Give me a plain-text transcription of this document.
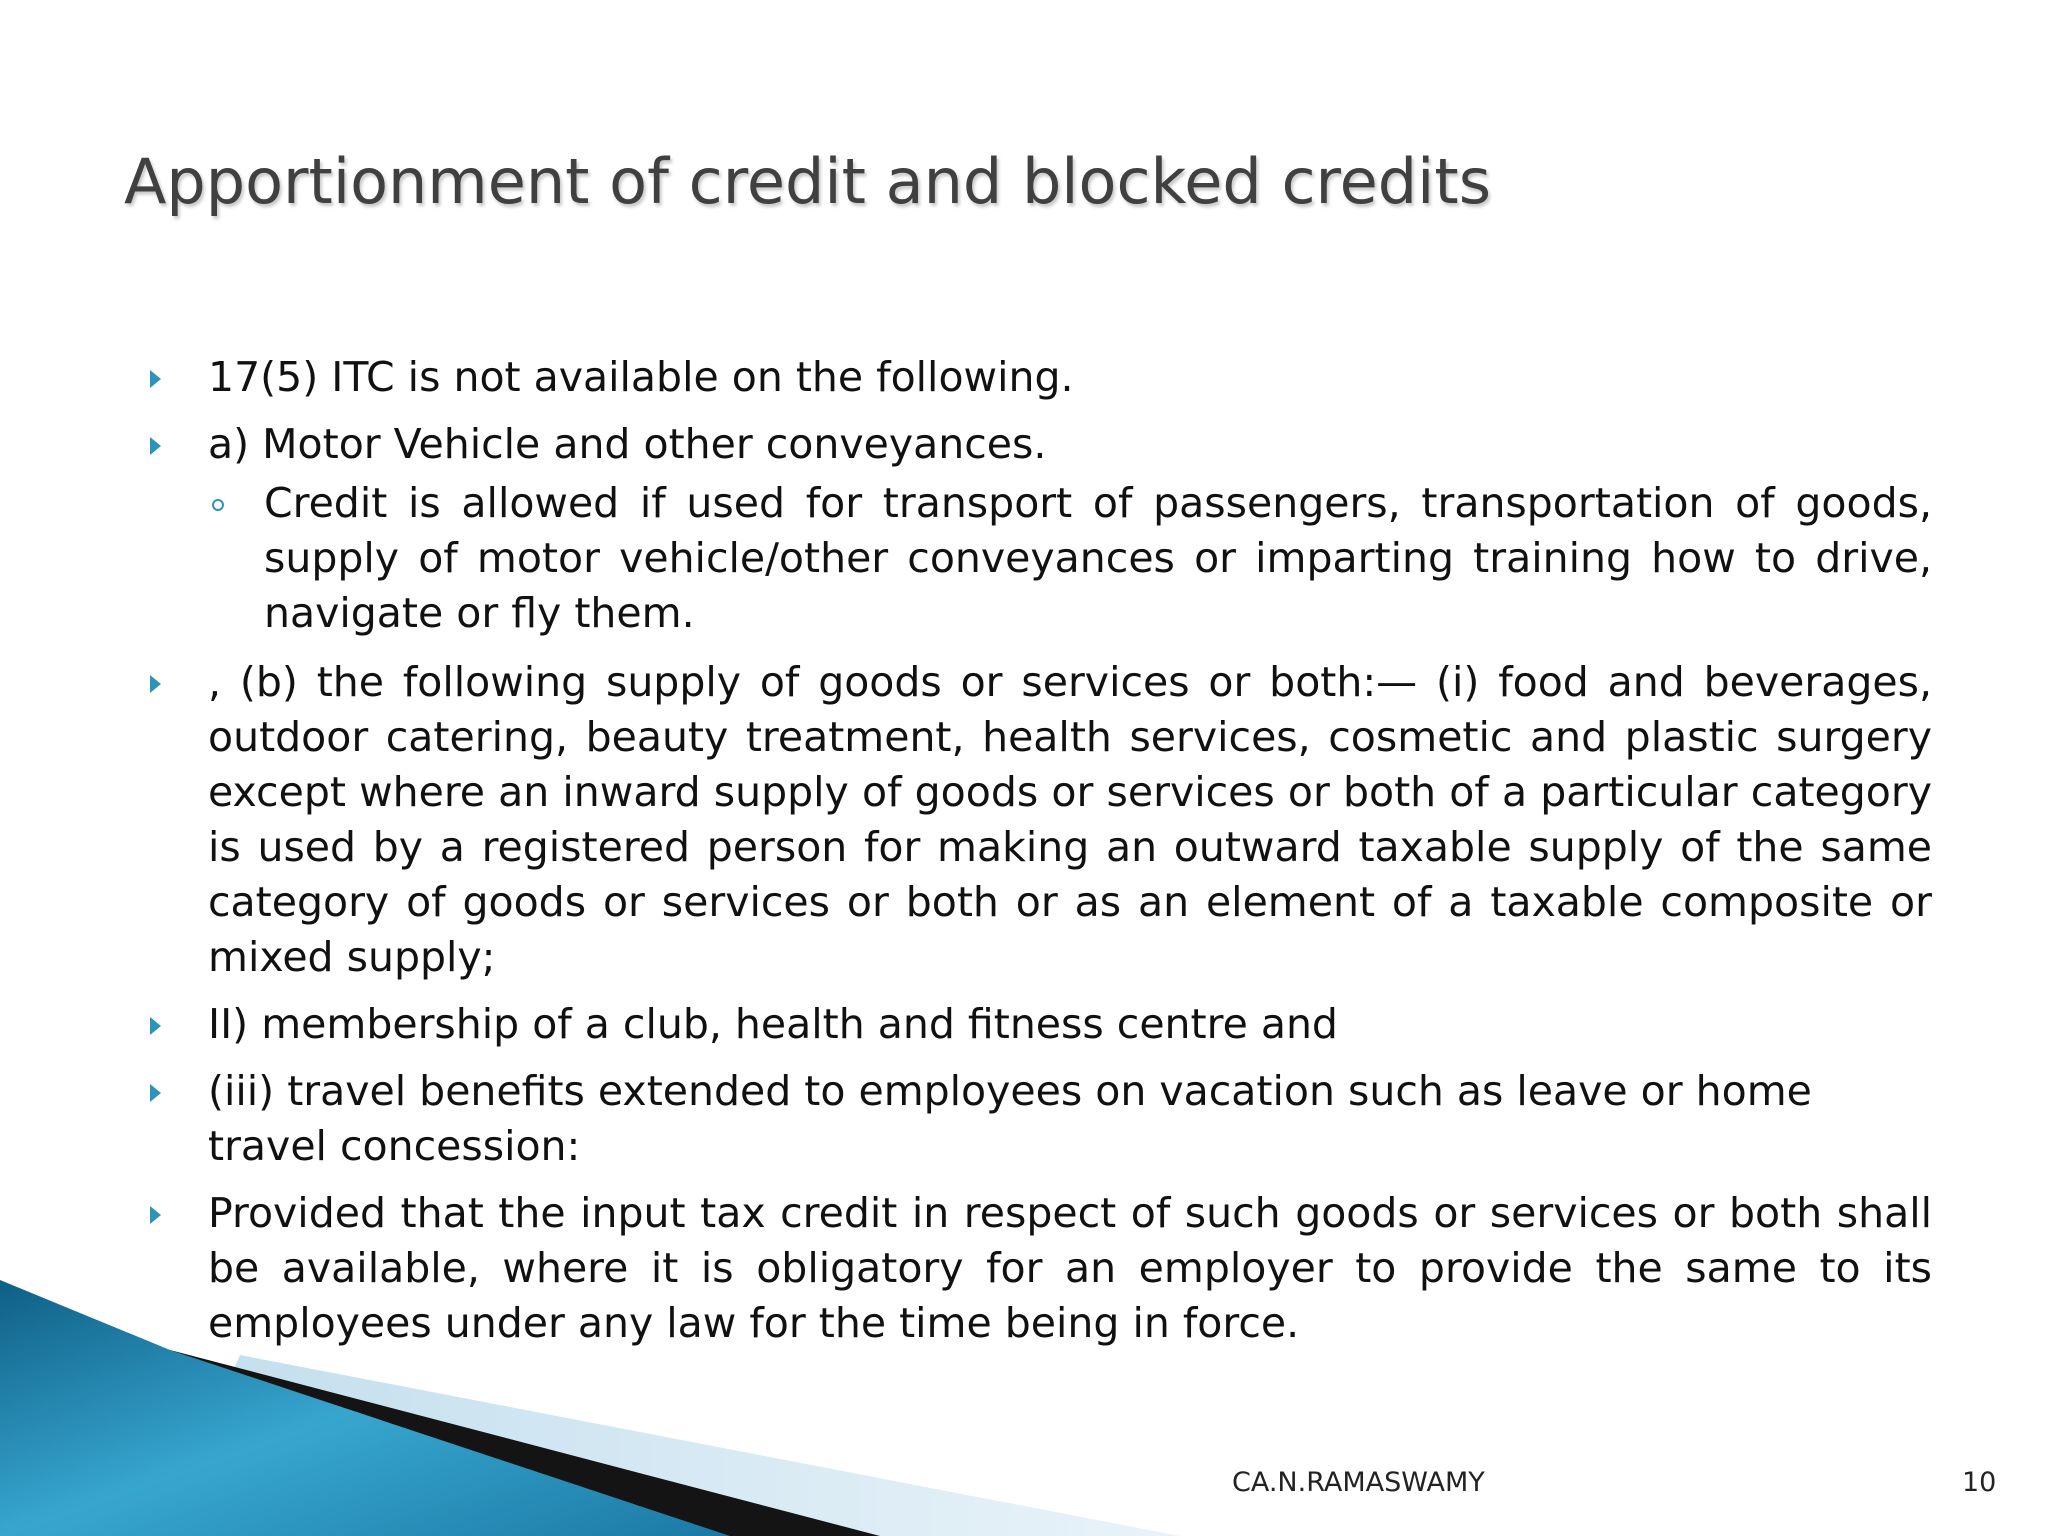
Apportionment of credit and blocked credits
17(5) ITC is not available on the following.
a) Motor Vehicle and other conveyances.
Credit is allowed if used for transport of passengers, transportation of goods, supply of motor vehicle/other conveyances or imparting training how to drive, navigate or fly them.
, (b) the following supply of goods or services or both:— (i) food and beverages, outdoor catering, beauty treatment, health services, cosmetic and plastic surgery except where an inward supply of goods or services or both of a particular category is used by a registered person for making an outward taxable supply of the same category of goods or services or both or as an element of a taxable composite or mixed supply;
II) membership of a club, health and fitness centre and
(iii) travel benefits extended to employees on vacation such as leave or home travel concession:
Provided that the input tax credit in respect of such goods or services or both shall be available, where it is obligatory for an employer to provide the same to its employees under any law for the time being in force.
CA.N.RAMASWAMY	10
